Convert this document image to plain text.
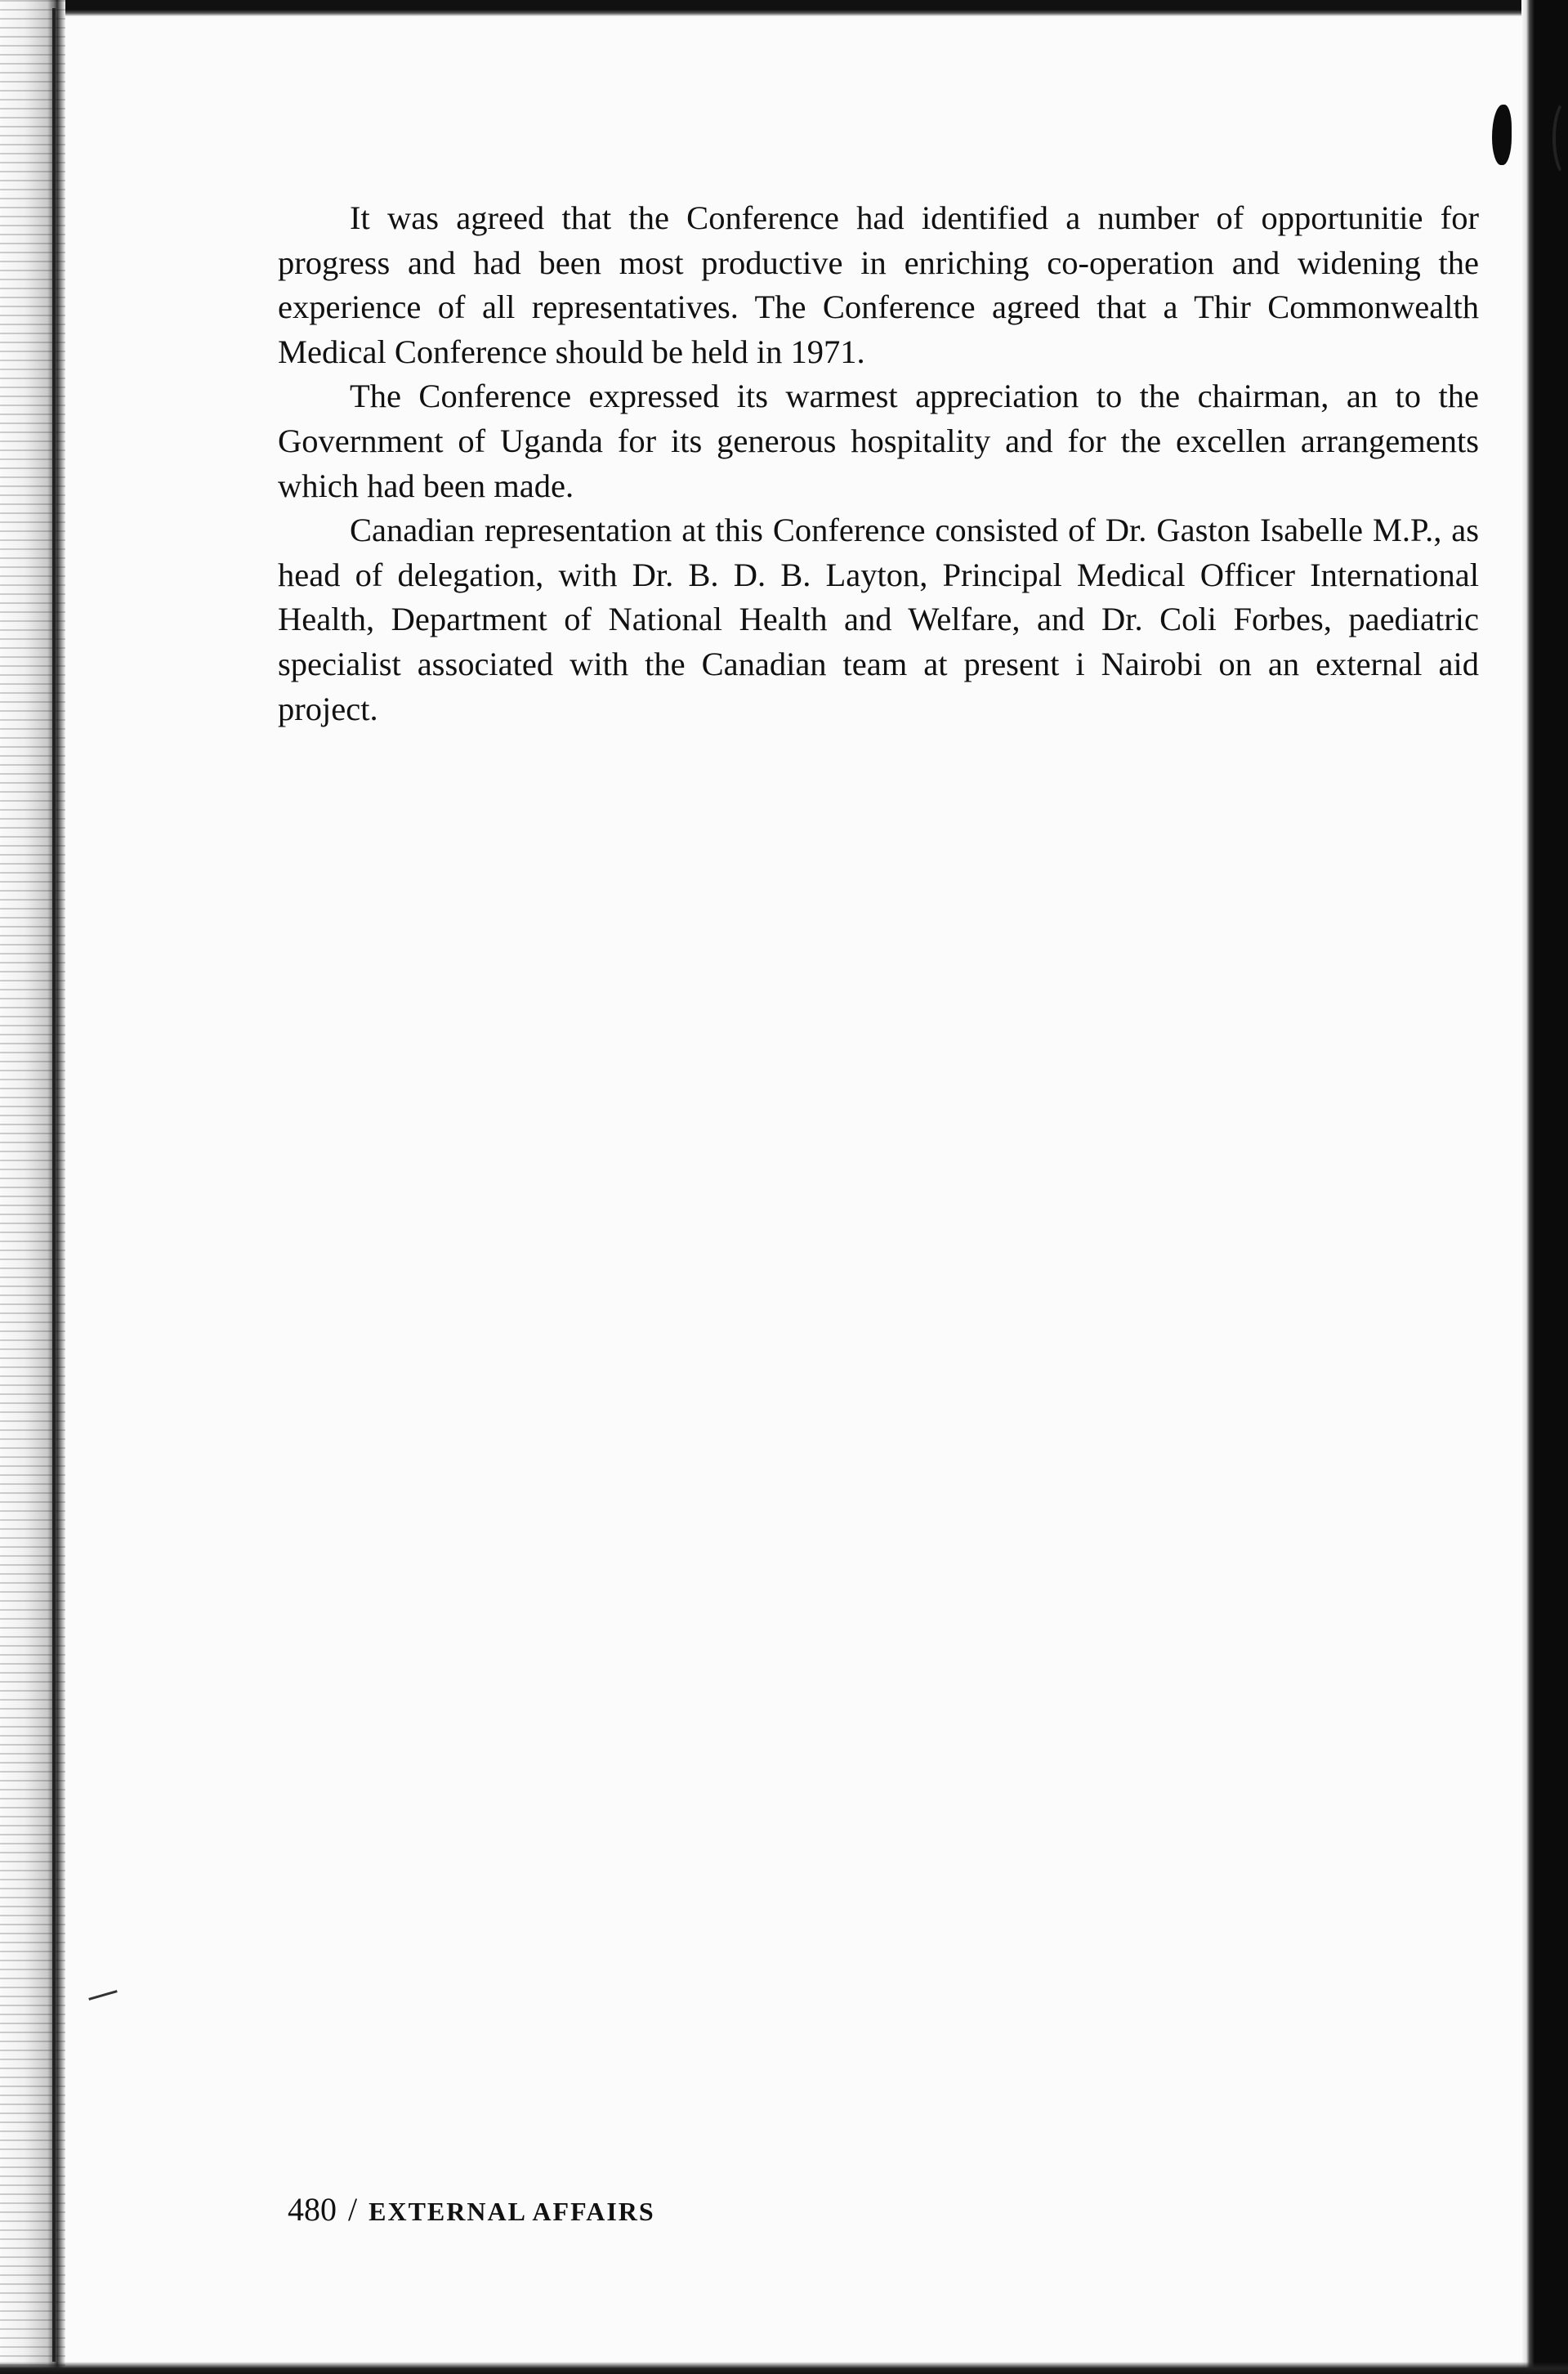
It was agreed that the Conference had identified a number of opportunitie for progress and had been most productive in enriching co-operation and widening the experience of all representatives. The Conference agreed that a Thir Commonwealth Medical Conference should be held in 1971.

The Conference expressed its warmest appreciation to the chairman, an to the Government of Uganda for its generous hospitality and for the excellen arrangements which had been made.

Canadian representation at this Conference consisted of Dr. Gaston Isabelle M.P., as head of delegation, with Dr. B. D. B. Layton, Principal Medical Officer International Health, Department of National Health and Welfare, and Dr. Coli Forbes, paediatric specialist associated with the Canadian team at present i Nairobi on an external aid project.

480 / EXTERNAL AFFAIRS
